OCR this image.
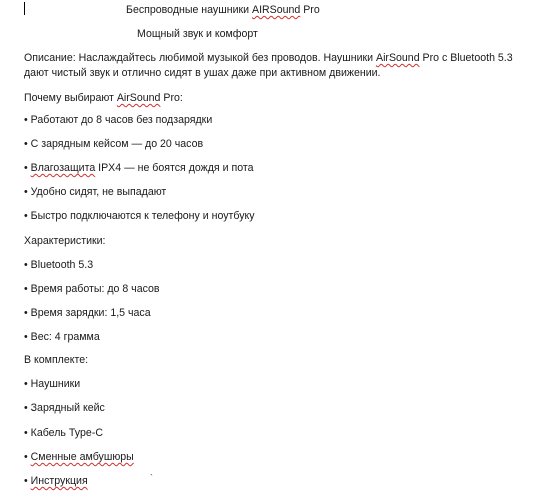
Беспроводные наушники AIRSound Pro
Мощный звук и комфорт
Описание: Наслаждайтесь любимой музыкой без проводов. Наушники AirSound Pro с Bluetooth 5.3 дают чистый звук и отлично сидят в ушах даже при активном движении.
Почему выбирают AirSound Pro:
• Работают до 8 часов без подзарядки
• С зарядным кейсом — до 20 часов
• Влагозащита IPX4 — не боятся дождя и пота
• Удобно сидят, не выпадают
• Быстро подключаются к телефону и ноутбуку
Характеристики:
• Bluetooth 5.3
• Время работы: до 8 часов
• Время зарядки: 1,5 часа
• Вес: 4 грамма
В комплекте:
• Наушники
• Зарядный кейс
• Кабель Type-C
• Сменные амбушюры
• Инструкция	`
